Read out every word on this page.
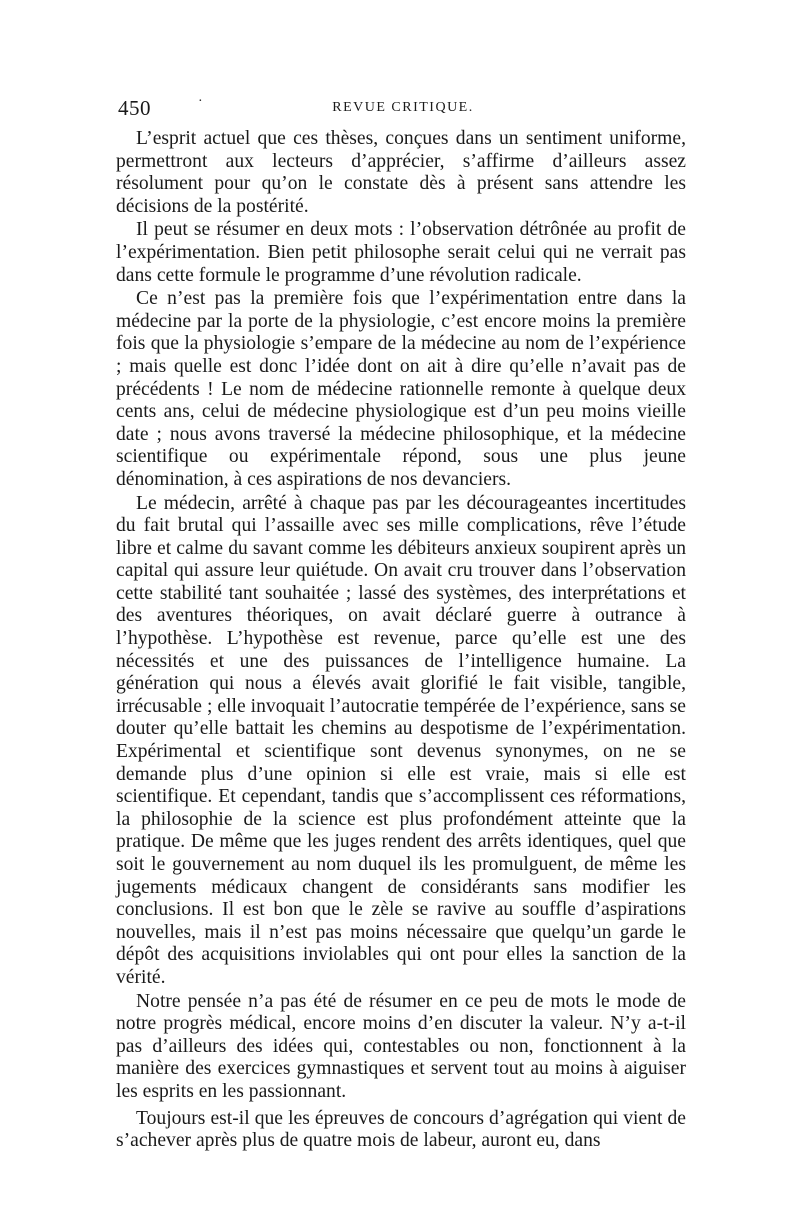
450	·	REVUE CRITIQUE.

L’esprit actuel que ces thèses, conçues dans un sentiment uniforme, permettront aux lecteurs d’apprécier, s’affirme d’ailleurs assez résolument pour qu’on le constate dès à présent sans attendre les décisions de la postérité.

Il peut se résumer en deux mots : l’observation détrônée au profit de l’expérimentation. Bien petit philosophe serait celui qui ne verrait pas dans cette formule le programme d’une révolution radicale.

Ce n’est pas la première fois que l’expérimentation entre dans la médecine par la porte de la physiologie, c’est encore moins la première fois que la physiologie s’empare de la médecine au nom de l’expérience ; mais quelle est donc l’idée dont on ait à dire qu’elle n’avait pas de précédents ! Le nom de médecine rationnelle remonte à quelque deux cents ans, celui de médecine physiologique est d’un peu moins vieille date ; nous avons traversé la médecine philosophique, et la médecine scientifique ou expérimentale répond, sous une plus jeune dénomination, à ces aspirations de nos devanciers.

Le médecin, arrêté à chaque pas par les décourageantes incertitudes du fait brutal qui l’assaille avec ses mille complications, rêve l’étude libre et calme du savant comme les débiteurs anxieux soupirent après un capital qui assure leur quiétude. On avait cru trouver dans l’observation cette stabilité tant souhaitée ; lassé des systèmes, des interprétations et des aventures théoriques, on avait déclaré guerre à outrance à l’hypothèse. L’hypothèse est revenue, parce qu’elle est une des nécessités et une des puissances de l’intelligence humaine. La génération qui nous a élevés avait glorifié le fait visible, tangible, irrécusable ; elle invoquait l’autocratie tempérée de l’expérience, sans se douter qu’elle battait les chemins au despotisme de l’expérimentation. Expérimental et scientifique sont devenus synonymes, on ne se demande plus d’une opinion si elle est vraie, mais si elle est scientifique. Et cependant, tandis que s’accomplissent ces réformations, la philosophie de la science est plus profondément atteinte que la pratique. De même que les juges rendent des arrêts identiques, quel que soit le gouvernement au nom duquel ils les promulguent, de même les jugements médicaux changent de considérants sans modifier les conclusions. Il est bon que le zèle se ravive au souffle d’aspirations nouvelles, mais il n’est pas moins nécessaire que quelqu’un garde le dépôt des acquisitions inviolables qui ont pour elles la sanction de la vérité.

Notre pensée n’a pas été de résumer en ce peu de mots le mode de notre progrès médical, encore moins d’en discuter la valeur. N’y a-t-il pas d’ailleurs des idées qui, contestables ou non, fonctionnent à la manière des exercices gymnastiques et servent tout au moins à aiguiser les esprits en les passionnant.

Toujours est-il que les épreuves de concours d’agrégation qui vient de s’achever après plus de quatre mois de labeur, auront eu, dans
